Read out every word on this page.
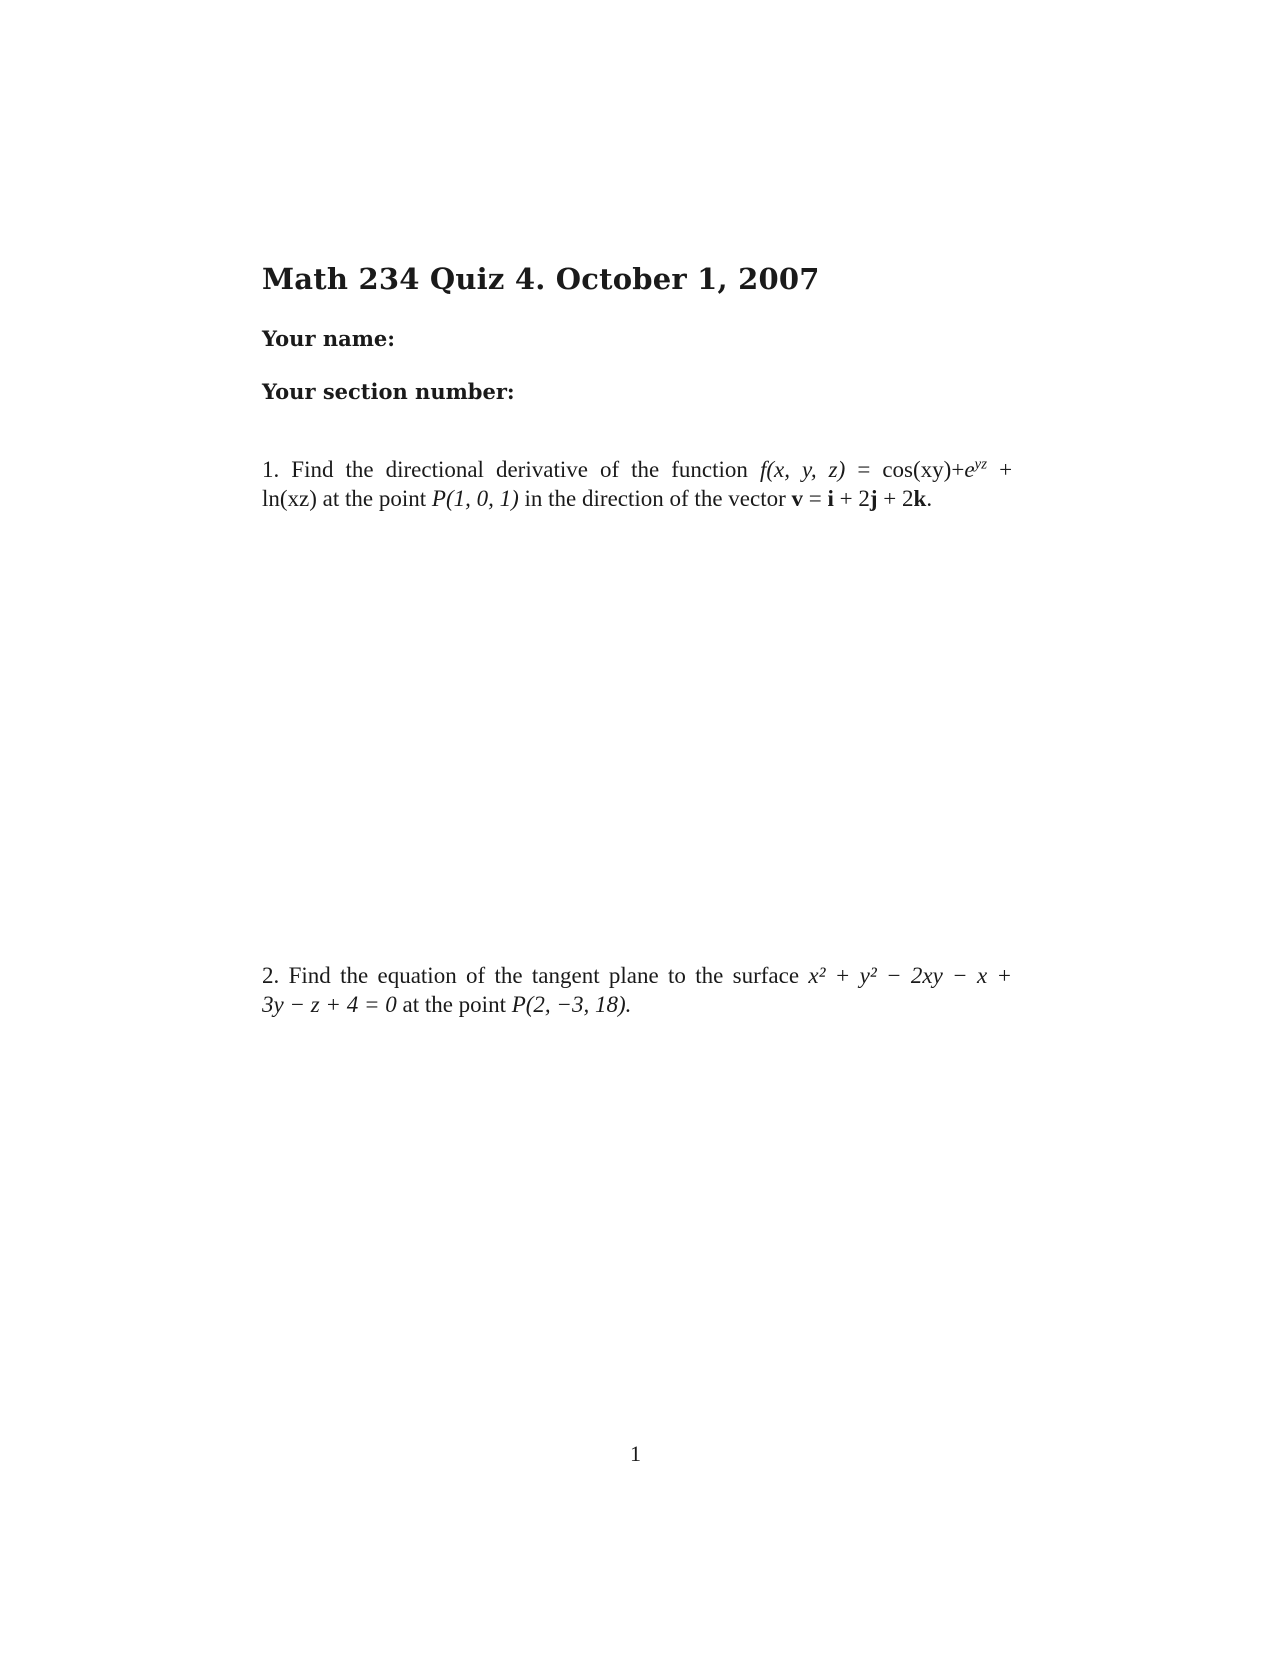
Math 234 Quiz 4. October 1, 2007
Your name:
Your section number:
1. Find the directional derivative of the function f(x, y, $z) = \cos(xy)+e^{yz}$ +
ln(xz) at the point P(1, 0, 1) in the direction of the vector v = i + 2j + 2k.
2. Find the equation of the tangent plane to the surface x² + y² − 2xy − x +
3y − z + 4 = 0 at the point P(2, −3, 18).
1
